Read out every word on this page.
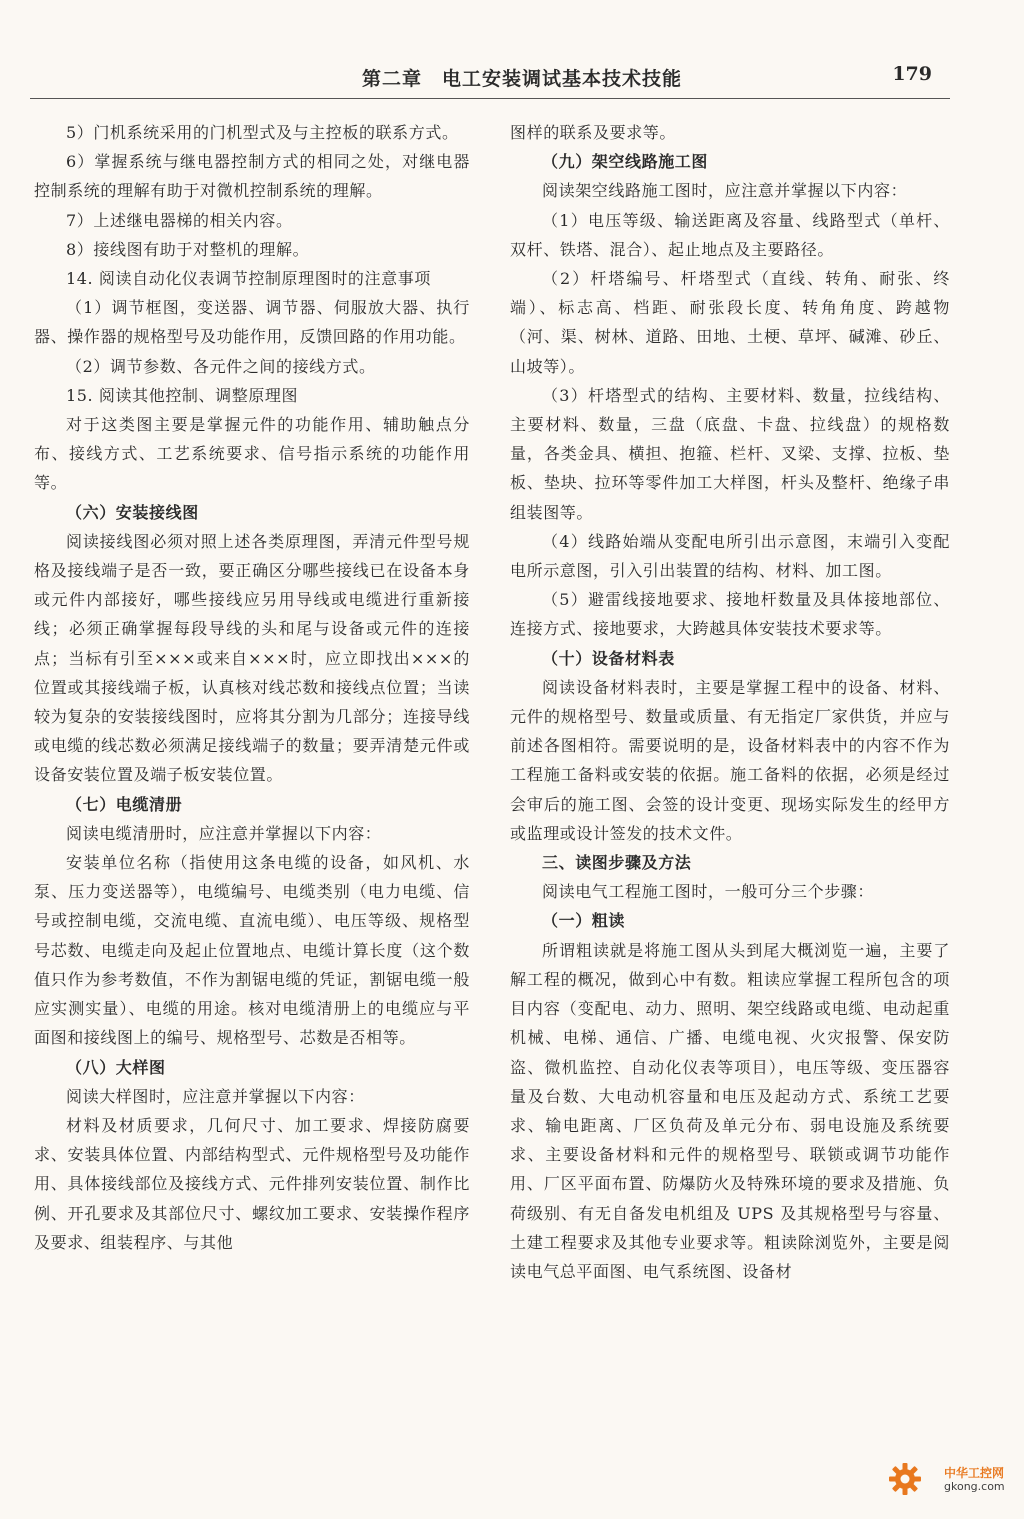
第二章　电工安装调试基本技术技能	179

5）门机系统采用的门机型式及与主控板的联系方式。

6）掌握系统与继电器控制方式的相同之处，对继电器控制系统的理解有助于对微机控制系统的理解。

7）上述继电器梯的相关内容。

8）接线图有助于对整机的理解。

14. 阅读自动化仪表调节控制原理图时的注意事项

（1）调节框图，变送器、调节器、伺服放大器、执行器、操作器的规格型号及功能作用，反馈回路的作用功能。

（2）调节参数、各元件之间的接线方式。

15. 阅读其他控制、调整原理图

对于这类图主要是掌握元件的功能作用、辅助触点分布、接线方式、工艺系统要求、信号指示系统的功能作用等。

（六）安装接线图

阅读接线图必须对照上述各类原理图，弄清元件型号规格及接线端子是否一致，要正确区分哪些接线已在设备本身或元件内部接好，哪些接线应另用导线或电缆进行重新接线；必须正确掌握每段导线的头和尾与设备或元件的连接点；当标有引至×××或来自×××时，应立即找出×××的位置或其接线端子板，认真核对线芯数和接线点位置；当读较为复杂的安装接线图时，应将其分割为几部分；连接导线或电缆的线芯数必须满足接线端子的数量；要弄清楚元件或设备安装位置及端子板安装位置。

（七）电缆清册

阅读电缆清册时，应注意并掌握以下内容：

安装单位名称（指使用这条电缆的设备，如风机、水泵、压力变送器等），电缆编号、电缆类别（电力电缆、信号或控制电缆，交流电缆、直流电缆）、电压等级、规格型号芯数、电缆走向及起止位置地点、电缆计算长度（这个数值只作为参考数值，不作为割锯电缆的凭证，割锯电缆一般应实测实量）、电缆的用途。核对电缆清册上的电缆应与平面图和接线图上的编号、规格型号、芯数是否相等。

（八）大样图

阅读大样图时，应注意并掌握以下内容：

材料及材质要求，几何尺寸、加工要求、焊接防腐要求、安装具体位置、内部结构型式、元件规格型号及功能作用、具体接线部位及接线方式、元件排列安装位置、制作比例、开孔要求及其部位尺寸、螺纹加工要求、安装操作程序及要求、组装程序、与其他

图样的联系及要求等。

（九）架空线路施工图

阅读架空线路施工图时，应注意并掌握以下内容：

（1）电压等级、输送距离及容量、线路型式（单杆、双杆、铁塔、混合）、起止地点及主要路径。

（2）杆塔编号、杆塔型式（直线、转角、耐张、终端）、标志高、档距、耐张段长度、转角角度、跨越物（河、渠、树林、道路、田地、土梗、草坪、碱滩、砂丘、山坡等）。

（3）杆塔型式的结构、主要材料、数量，拉线结构、主要材料、数量，三盘（底盘、卡盘、拉线盘）的规格数量，各类金具、横担、抱箍、栏杆、叉梁、支撑、拉板、垫板、垫块、拉环等零件加工大样图，杆头及整杆、绝缘子串组装图等。

（4）线路始端从变配电所引出示意图，末端引入变配电所示意图，引入引出装置的结构、材料、加工图。

（5）避雷线接地要求、接地杆数量及具体接地部位、连接方式、接地要求，大跨越具体安装技术要求等。

（十）设备材料表

阅读设备材料表时，主要是掌握工程中的设备、材料、元件的规格型号、数量或质量、有无指定厂家供货，并应与前述各图相符。需要说明的是，设备材料表中的内容不作为工程施工备料或安装的依据。施工备料的依据，必须是经过会审后的施工图、会签的设计变更、现场实际发生的经甲方或监理或设计签发的技术文件。

三、读图步骤及方法

阅读电气工程施工图时，一般可分三个步骤：

（一）粗读

所谓粗读就是将施工图从头到尾大概浏览一遍，主要了解工程的概况，做到心中有数。粗读应掌握工程所包含的项目内容（变配电、动力、照明、架空线路或电缆、电动起重机械、电梯、通信、广播、电缆电视、火灾报警、保安防盗、微机监控、自动化仪表等项目），电压等级、变压器容量及台数、大电动机容量和电压及起动方式、系统工艺要求、输电距离、厂区负荷及单元分布、弱电设施及系统要求、主要设备材料和元件的规格型号、联锁或调节功能作用、厂区平面布置、防爆防火及特殊环境的要求及措施、负荷级别、有无自备发电机组及 UPS 及其规格型号与容量、土建工程要求及其他专业要求等。粗读除浏览外，主要是阅读电气总平面图、电气系统图、设备材

中华工控网
gkong.com
